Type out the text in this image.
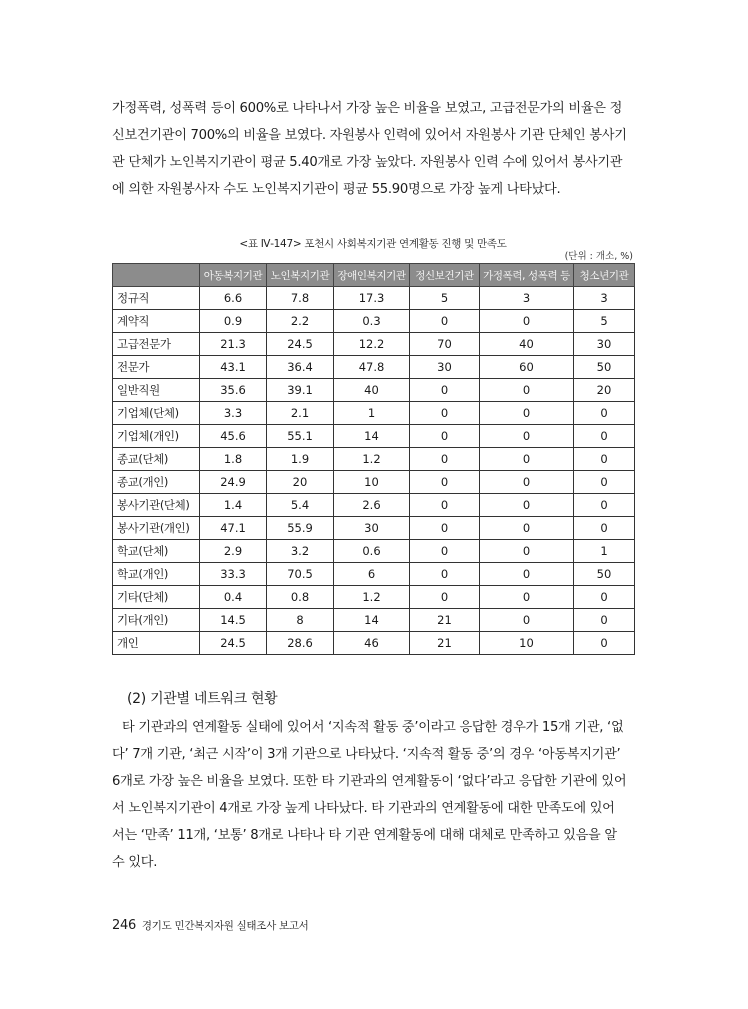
가정폭력, 성폭력 등이 600%로 나타나서 가장 높은 비율을 보였고, 고급전문가의 비율은 정

신보건기관이 700%의 비율을 보였다. 자원봉사 인력에 있어서 자원봉사 기관 단체인 봉사기

관 단체가 노인복지기관이 평균 5.40개로 가장 높았다. 자원봉사 인력 수에 있어서 봉사기관

에 의한 자원봉사자 수도 노인복지기관이 평균 55.90명으로 가장 높게 나타났다.

<표 Ⅳ-147> 포천시 사회복지기관 연계활동 진행 및 만족도
(단위 : 개소, %)
	아동복지기관	노인복지기관	장애인복지기관	정신보건기관	가정폭력, 성폭력 등	청소년기관
정규직	6.6	7.8	17.3	5	3	3
계약직	0.9	2.2	0.3	0	0	5
고급전문가	21.3	24.5	12.2	70	40	30
전문가	43.1	36.4	47.8	30	60	50
일반직원	35.6	39.1	40	0	0	20
기업체(단체)	3.3	2.1	1	0	0	0
기업체(개인)	45.6	55.1	14	0	0	0
종교(단체)	1.8	1.9	1.2	0	0	0
종교(개인)	24.9	20	10	0	0	0
봉사기관(단체)	1.4	5.4	2.6	0	0	0
봉사기관(개인)	47.1	55.9	30	0	0	0
학교(단체)	2.9	3.2	0.6	0	0	1
학교(개인)	33.3	70.5	6	0	0	50
기타(단체)	0.4	0.8	1.2	0	0	0
기타(개인)	14.5	8	14	21	0	0
개인	24.5	28.6	46	21	10	0
(2) 기관별 네트워크 현황

타 기관과의 연계활동 실태에 있어서 ‘지속적 활동 중’이라고 응답한 경우가 15개 기관, ‘없

다’ 7개 기관, ‘최근 시작’이 3개 기관으로 나타났다. ‘지속적 활동 중’의 경우 ‘아동복지기관’

6개로 가장 높은 비율을 보였다. 또한 타 기관과의 연계활동이 ‘없다’라고 응답한 기관에 있어

서 노인복지기관이 4개로 가장 높게 나타났다. 타 기관과의 연계활동에 대한 만족도에 있어

서는 ‘만족’ 11개, ‘보통’ 8개로 나타나 타 기관 연계활동에 대해 대체로 만족하고 있음을 알

수 있다.

246 경기도 민간복지자원 실태조사 보고서
